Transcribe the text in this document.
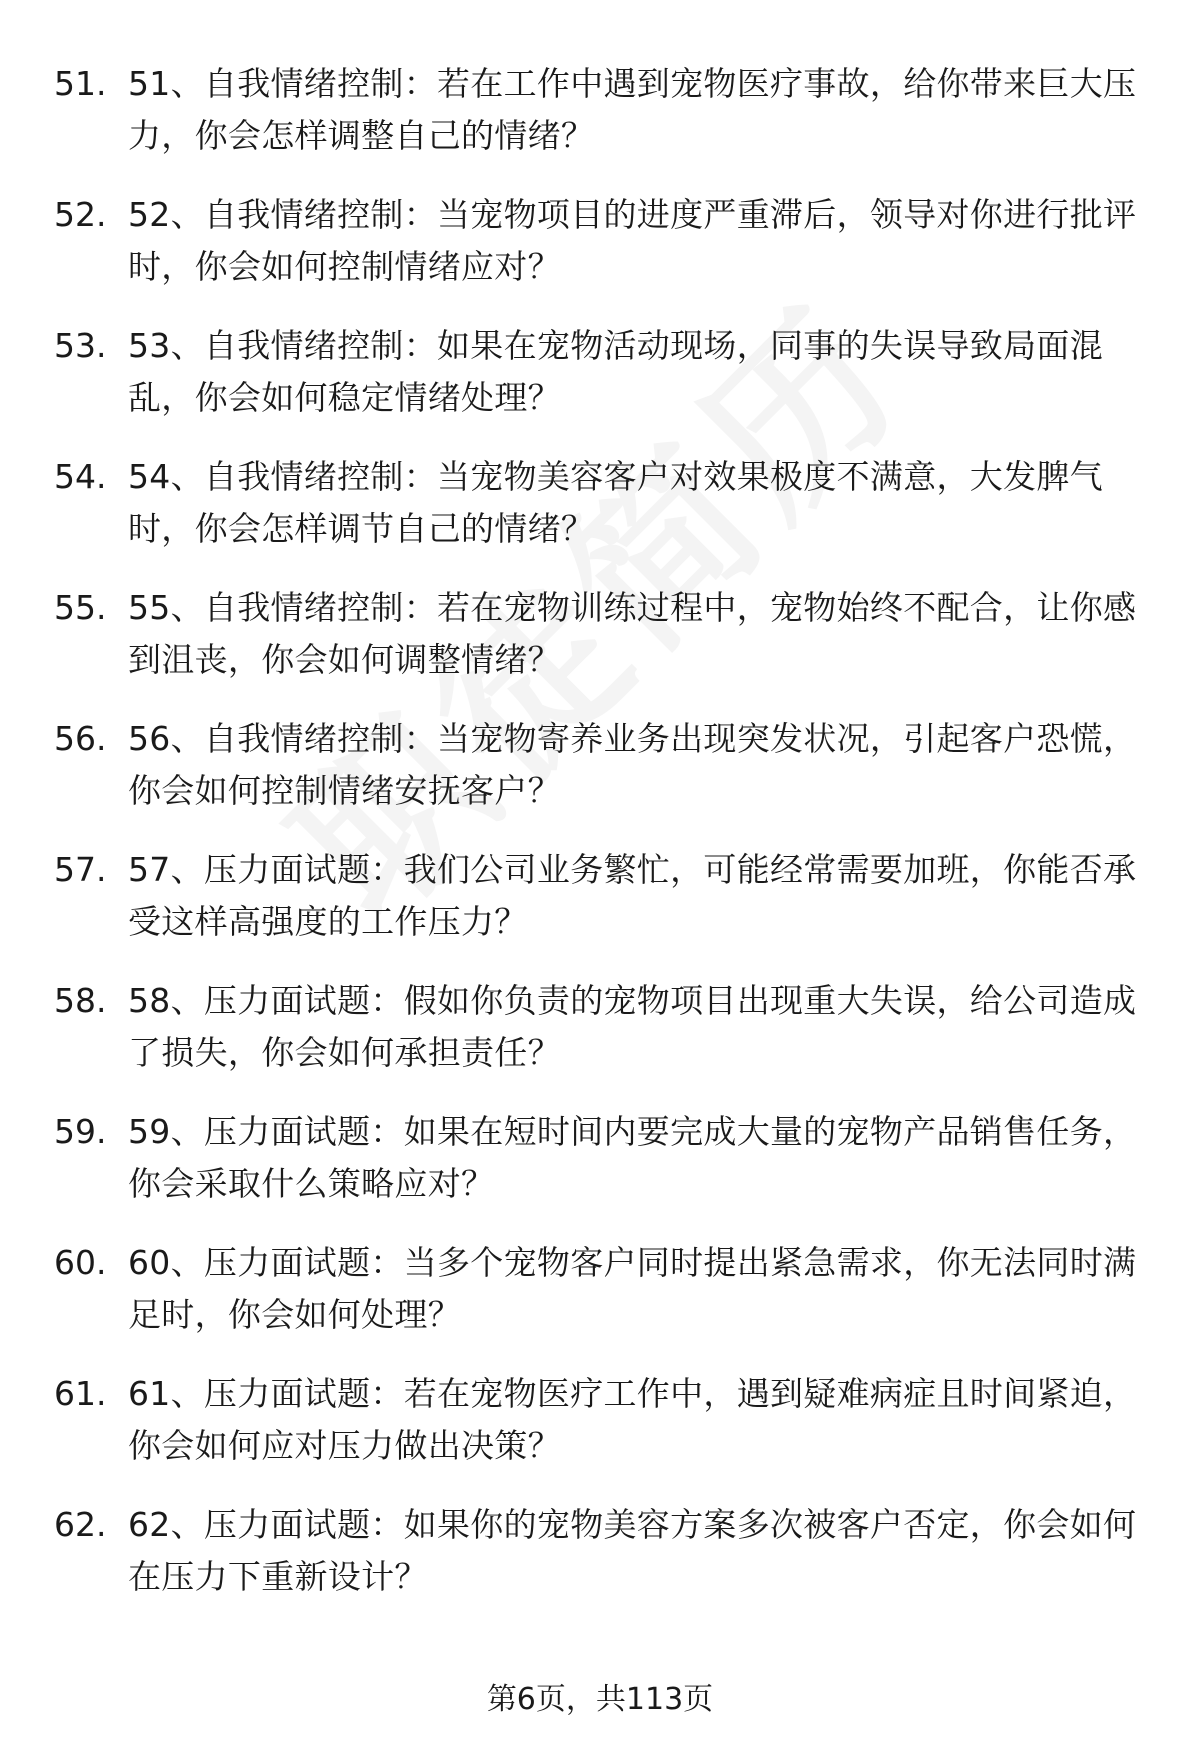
51. 51、自我情绪控制：若在工作中遇到宠物医疗事故，给你带来巨大压力，你会怎样调整自己的情绪？
52. 52、自我情绪控制：当宠物项目的进度严重滞后，领导对你进行批评时，你会如何控制情绪应对？
53. 53、自我情绪控制：如果在宠物活动现场，同事的失误导致局面混乱，你会如何稳定情绪处理？
54. 54、自我情绪控制：当宠物美容客户对效果极度不满意，大发脾气时，你会怎样调节自己的情绪？
55. 55、自我情绪控制：若在宠物训练过程中，宠物始终不配合，让你感到沮丧，你会如何调整情绪？
56. 56、自我情绪控制：当宠物寄养业务出现突发状况，引起客户恐慌，你会如何控制情绪安抚客户？
57. 57、压力面试题：我们公司业务繁忙，可能经常需要加班，你能否承受这样高强度的工作压力？
58. 58、压力面试题：假如你负责的宠物项目出现重大失误，给公司造成了损失，你会如何承担责任？
59. 59、压力面试题：如果在短时间内要完成大量的宠物产品销售任务，你会采取什么策略应对？
60. 60、压力面试题：当多个宠物客户同时提出紧急需求，你无法同时满足时，你会如何处理？
61. 61、压力面试题：若在宠物医疗工作中，遇到疑难病症且时间紧迫，你会如何应对压力做出决策？
62. 62、压力面试题：如果你的宠物美容方案多次被客户否定，你会如何在压力下重新设计？
第6页，共113页
